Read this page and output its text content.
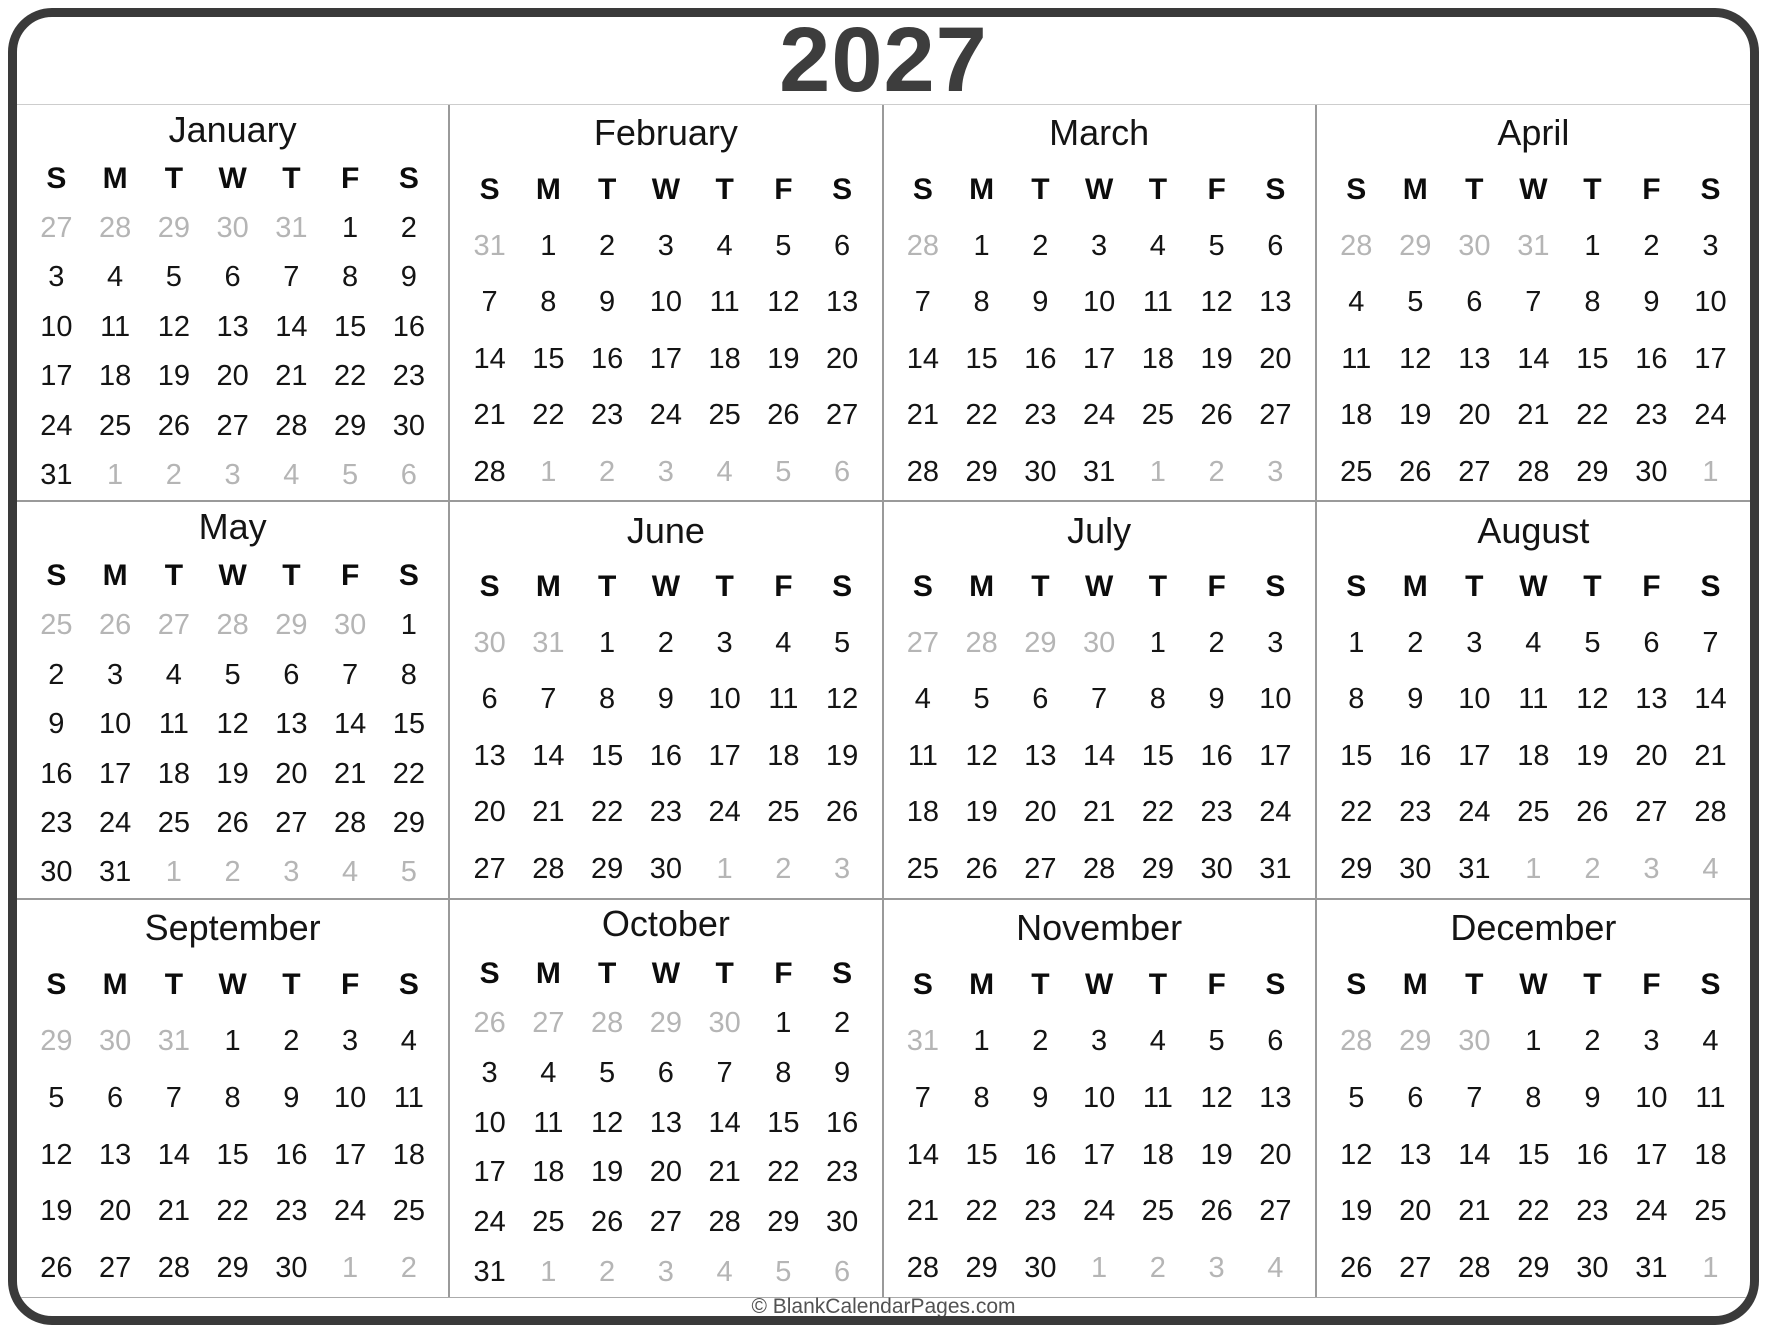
2027
January
S	M	T	W	T	F	S
27 28 29 30 31	1	2
3	4	5	6	7	8	9
10 11 12 13 14 15 16
17 18 19 20 21 22 23
24 25 26 27 28 29 30
31	1	2	3	4	5	6
February
S	M	T	W	T	F	S
31	1	2	3	4	5	6
7	8	9	10 11 12 13
14 15 16 17 18 19 20
21 22 23 24 25 26 27
28	1	2	3	4	5	6
March
S	M	T	W	T	F	S
28	1	2	3	4	5	6
7	8	9	10 11 12 13
14 15 16 17 18 19 20
21 22 23 24 25 26 27
28 29 30 31	1	2	3
April
S	M	T	W	T	F	S
28 29 30 31	1	2	3
4	5	6	7	8	9	10
11 12 13 14 15 16 17
18 19 20 21 22 23 24
25 26 27 28 29 30	1
May
S	M	T	W	T	F	S
25 26 27 28 29 30	1
2	3	4	5	6	7	8
9	10 11 12 13 14 15
16 17 18 19 20 21 22
23 24 25 26 27 28 29
30 31	1	2	3	4	5
June
S	M	T	W	T	F	S
30 31	1	2	3	4	5
6	7	8	9	10 11 12
13 14 15 16 17 18 19
20 21 22 23 24 25 26
27 28 29 30	1	2	3
July
S	M	T	W	T	F	S
27 28 29 30	1	2	3
4	5	6	7	8	9	10
11 12 13 14 15 16 17
18 19 20 21 22 23 24
25 26 27 28 29 30 31
August
S	M	T	W	T	F	S
1	2	3	4	5	6	7
8	9	10 11 12 13 14
15 16 17 18 19 20 21
22 23 24 25 26 27 28
29 30 31	1	2	3	4
September
S	M	T	W	T	F	S
29 30 31	1	2	3	4
5	6	7	8	9	10 11
12 13 14 15 16 17 18
19 20 21 22 23 24 25
26 27 28 29 30	1	2
October
S	M	T	W	T	F	S
26 27 28 29 30	1	2
3	4	5	6	7	8	9
10 11 12 13 14 15 16
17 18 19 20 21 22 23
24 25 26 27 28 29 30
31	1	2	3	4	5	6
November
S	M	T	W	T	F	S
31	1	2	3	4	5	6
7	8	9	10 11 12 13
14 15 16 17 18 19 20
21 22 23 24 25 26 27
28 29 30	1	2	3	4
December
S	M	T	W	T	F	S
28 29 30	1	2	3	4
5	6	7	8	9	10 11
12 13 14 15 16 17 18
19 20 21 22 23 24 25
26 27 28 29 30 31	1
© BlankCalendarPages.com
